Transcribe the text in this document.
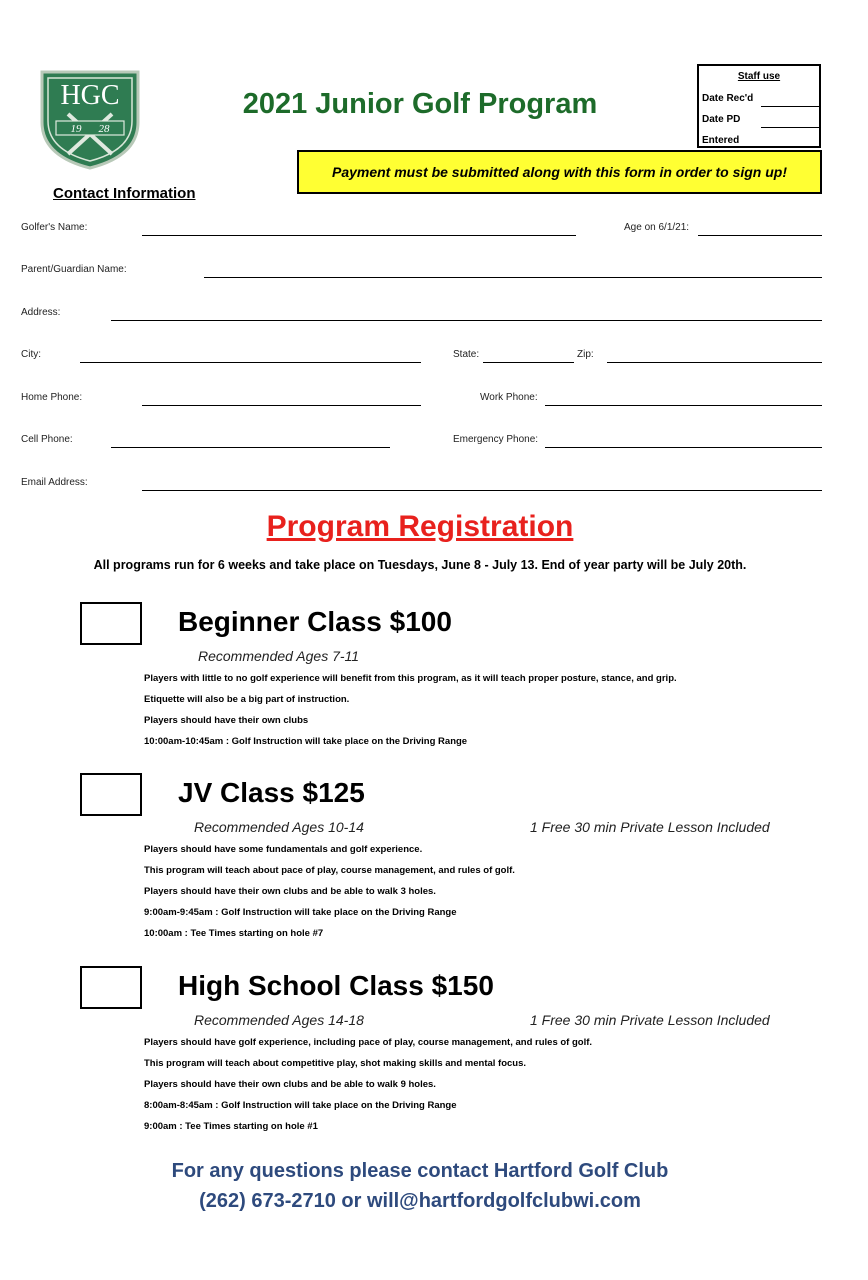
HGC
19 28
2021 Junior Golf Program
Staff use
Date Rec'd
Date PD
Entered
Payment must be submitted along with this form in order to sign up!
Contact Information
Golfer's Name:	Age on 6/1/21:
Parent/Guardian Name:
Address:
City:	State:	Zip:
Home Phone:	Work Phone:
Cell Phone:	Emergency Phone:
Email Address:
Program Registration
All programs run for 6 weeks and take place on Tuesdays, June 8 - July 13. End of year party will be July 20th.
Beginner Class $100
Recommended Ages 7-11
Players with little to no golf experience will benefit from this program, as it will teach proper posture, stance, and grip.
Etiquette will also be a big part of instruction.
Players should have their own clubs
10:00am-10:45am : Golf Instruction will take place on the Driving Range
JV Class $125
Recommended Ages 10-14	1 Free 30 min Private Lesson Included
Players should have some fundamentals and golf experience.
This program will teach about pace of play, course management, and rules of golf.
Players should have their own clubs and be able to walk 3 holes.
9:00am-9:45am : Golf Instruction will take place on the Driving Range
10:00am : Tee Times starting on hole #7
High School Class $150
Recommended Ages 14-18	1 Free 30 min Private Lesson Included
Players should have golf experience, including pace of play, course management, and rules of golf.
This program will teach about competitive play, shot making skills and mental focus.
Players should have their own clubs and be able to walk 9 holes.
8:00am-8:45am : Golf Instruction will take place on the Driving Range
9:00am : Tee Times starting on hole #1
For any questions please contact Hartford Golf Club
(262) 673-2710 or will@hartfordgolfclubwi.com
